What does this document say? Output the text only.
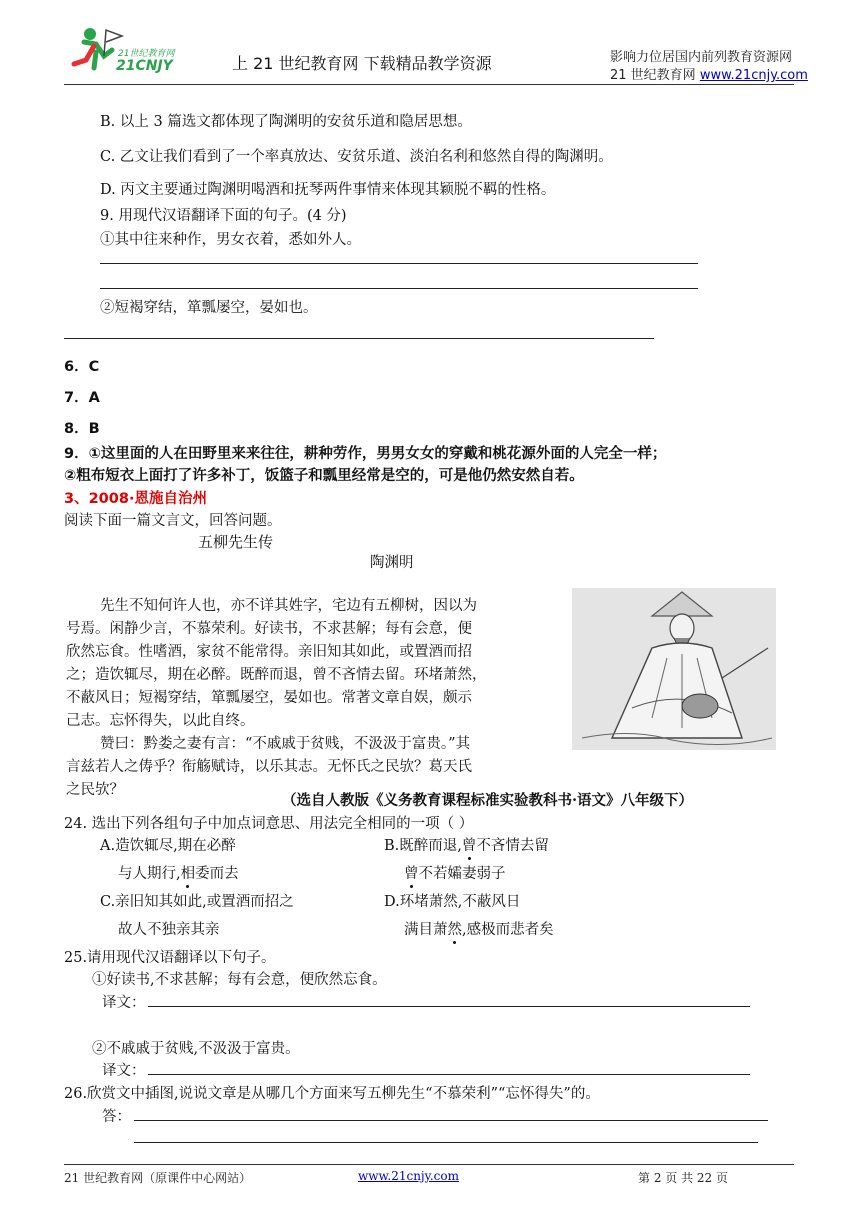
21世纪教育网
21CNJY	上 21 世纪教育网 下载精品教学资源	影响力位居国内前列教育资源网
21 世纪教育网 www.21cnjy.com
B. 以上 3 篇选文都体现了陶渊明的安贫乐道和隐居思想。
C. 乙文让我们看到了一个率真放达、安贫乐道、淡泊名利和悠然自得的陶渊明。
D. 丙文主要通过陶渊明喝酒和抚琴两件事情来体现其颖脱不羁的性格。
9. 用现代汉语翻译下面的句子。(4 分)
①其中往来种作，男女衣着，悉如外人。
②短褐穿结，箪瓢屡空，晏如也。
6．C
7．A
8．B
9．①这里面的人在田野里来来往往，耕种劳作，男男女女的穿戴和桃花源外面的人完全一样；
②粗布短衣上面打了许多补丁，饭篮子和瓢里经常是空的，可是他仍然安然自若。
3、2008·恩施自治州
阅读下面一篇文言文，回答问题。
五柳先生传
陶渊明
先生不知何许人也，亦不详其姓字，宅边有五柳树，因以为
号焉。闲静少言，不慕荣利。好读书，不求甚解；每有会意，便
欣然忘食。性嗜酒，家贫不能常得。亲旧知其如此，或置酒而招
之；造饮辄尽，期在必醉。既醉而退，曾不吝情去留。环堵萧然，
不蔽风日；短褐穿结，箪瓢屡空，晏如也。常著文章自娱，颇示
己志。忘怀得失，以此自终。
赞曰：黔娄之妻有言：“不戚戚于贫贱，不汲汲于富贵。”其
言兹若人之俦乎？衔觞赋诗，以乐其志。无怀氏之民欤？葛天氏
之民欤？
（选自人教版《义务教育课程标准实验教科书·语文》八年级下）
24. 选出下列各组句子中加点词意思、用法完全相同的一项（ ）
A.造饮辄尽,期在必醉	B.既醉而退,曾不吝情去留
与人期行,相委而去	曾不若孀妻弱子
C.亲旧知其如此,或置酒而招之	D.环堵萧然,不蔽风日
故人不独亲其亲	满目萧然,感极而悲者矣
25.请用现代汉语翻译以下句子。
①好读书,不求甚解；每有会意，便欣然忘食。
译文：
②不戚戚于贫贱,不汲汲于富贵。
译文：
26.欣赏文中插图,说说文章是从哪几个方面来写五柳先生“不慕荣利”“忘怀得失”的。
答：
21 世纪教育网（原课件中心网站）	www.21cnjy.com	第 2 页 共 22 页
